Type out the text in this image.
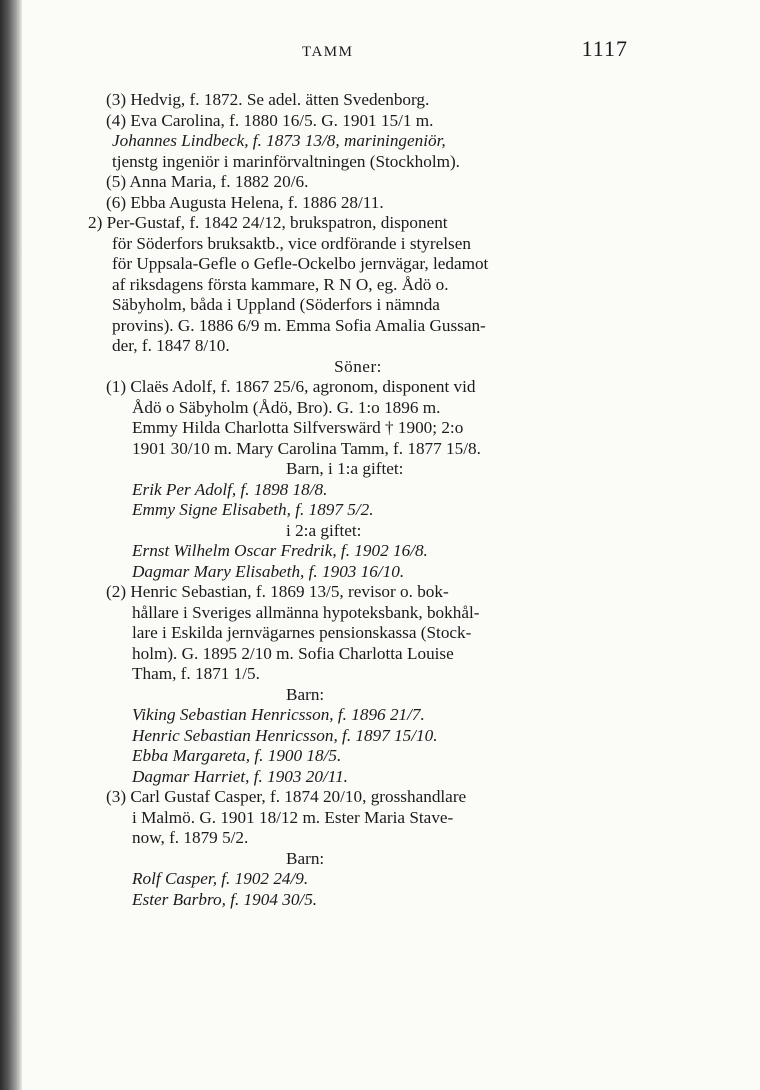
TAMM	1117
(3) Hedvig, f. 1872. Se adel. ätten Svedenborg.
(4) Eva Carolina, f. 1880 16/5. G. 1901 15/1 m.
Johannes Lindbeck, f. 1873 13/8, mariningeniör,
tjenstg ingeniör i marinförvaltningen (Stockholm).
(5) Anna Maria, f. 1882 20/6.
(6) Ebba Augusta Helena, f. 1886 28/11.
2) Per-Gustaf, f. 1842 24/12, brukspatron, disponent
för Söderfors bruksaktb., vice ordförande i styrelsen
för Uppsala-Gefle o Gefle-Ockelbo jernvägar, ledamot
af riksdagens första kammare, R N O, eg. Ådö o.
Säbyholm, båda i Uppland (Söderfors i nämnda
provins). G. 1886 6/9 m. Emma Sofia Amalia Gussan-
der, f. 1847 8/10.
Söner:
(1) Claës Adolf, f. 1867 25/6, agronom, disponent vid
Ådö o Säbyholm (Ådö, Bro). G. 1:o 1896 m.
Emmy Hilda Charlotta Silfverswärd † 1900; 2:o
1901 30/10 m. Mary Carolina Tamm, f. 1877 15/8.
Barn, i 1:a giftet:
Erik Per Adolf, f. 1898 18/8.
Emmy Signe Elisabeth, f. 1897 5/2.
i 2:a giftet:
Ernst Wilhelm Oscar Fredrik, f. 1902 16/8.
Dagmar Mary Elisabeth, f. 1903 16/10.
(2) Henric Sebastian, f. 1869 13/5, revisor o. bok-
hållare i Sveriges allmänna hypoteksbank, bokhål-
lare i Eskilda jernvägarnes pensionskassa (Stock-
holm). G. 1895 2/10 m. Sofia Charlotta Louise
Tham, f. 1871 1/5.
Barn:
Viking Sebastian Henricsson, f. 1896 21/7.
Henric Sebastian Henricsson, f. 1897 15/10.
Ebba Margareta, f. 1900 18/5.
Dagmar Harriet, f. 1903 20/11.
(3) Carl Gustaf Casper, f. 1874 20/10, grosshandlare
i Malmö. G. 1901 18/12 m. Ester Maria Stave-
now, f. 1879 5/2.
Barn:
Rolf Casper, f. 1902 24/9.
Ester Barbro, f. 1904 30/5.
